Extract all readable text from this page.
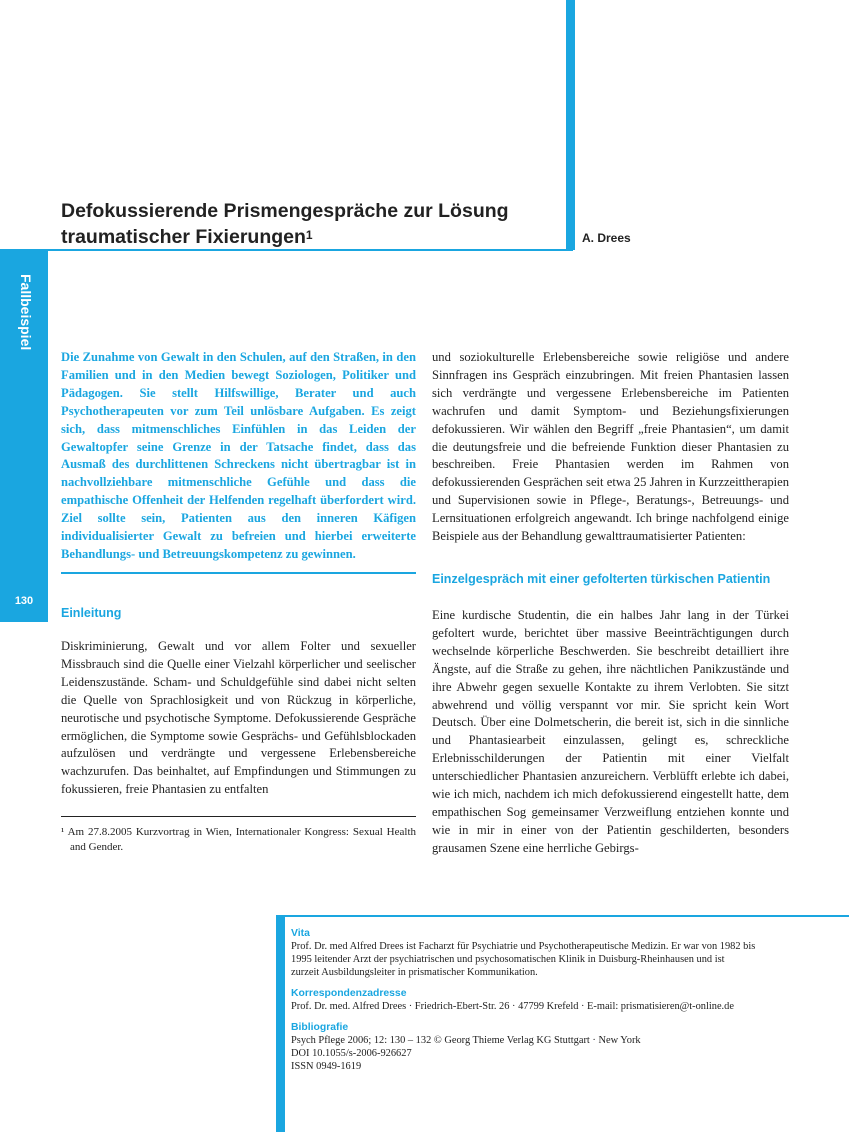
Defokussierende Prismengespräche zur Lösung
traumatischer Fixierungen$^1$	A. Drees
Fallbeispiel
130

Die Zunahme von Gewalt in den Schulen, auf den Straßen, in den Familien und in den Medien bewegt Soziologen, Politiker und Pädagogen. Sie stellt Hilfswillige, Berater und auch Psychotherapeuten vor zum Teil unlösbare Aufgaben. Es zeigt sich, dass mitmenschliches Einfühlen in das Leiden der Gewaltopfer seine Grenze in der Tatsache findet, dass das Ausmaß des durchlittenen Schreckens nicht übertragbar ist in nachvollziehbare mitmenschliche Gefühle und dass die empathische Offenheit der Helfenden regelhaft überfordert wird. Ziel sollte sein, Patienten aus den inneren Käfigen individualisierter Gewalt zu befreien und hierbei erweiterte Behandlungs- und Betreuungskompetenz zu gewinnen.

Einleitung

Diskriminierung, Gewalt und vor allem Folter und sexueller Missbrauch sind die Quelle einer Vielzahl körperlicher und seelischer Leidenszustände. Scham- und Schuldgefühle sind dabei nicht selten die Quelle von Sprachlosigkeit und von Rückzug in körperliche, neurotische und psychotische Symptome. Defokussierende Gespräche ermöglichen, die Symptome sowie Gesprächs- und Gefühlsblockaden aufzulösen und verdrängte und vergessene Erlebensbereiche wachzurufen. Das beinhaltet, auf Empfindungen und Stimmungen zu fokussieren, freie Phantasien zu entfalten

¹ Am 27.8.2005 Kurzvortrag in Wien, Internationaler Kongress: Sexual Health and Gender.

und soziokulturelle Erlebensbereiche sowie religiöse und andere Sinnfragen ins Gespräch einzubringen. Mit freien Phantasien lassen sich verdrängte und vergessene Erlebensbereiche im Patienten wachrufen und damit Symptom- und Beziehungsfixierungen defokussieren. Wir wählen den Begriff „freie Phantasien“, um damit die deutungsfreie und die befreiende Funktion dieser Phantasien zu beschreiben. Freie Phantasien werden im Rahmen von defokussierenden Gesprächen seit etwa 25 Jahren in Kurzzeittherapien und Supervisionen sowie in Pflege-, Beratungs-, Betreuungs- und Lernsituationen erfolgreich angewandt. Ich bringe nachfolgend einige Beispiele aus der Behandlung gewalttraumatisierter Patienten:

Einzelgespräch mit einer gefolterten türkischen Patientin

Eine kurdische Studentin, die ein halbes Jahr lang in der Türkei gefoltert wurde, berichtet über massive Beeinträchtigungen durch wechselnde körperliche Beschwerden. Sie beschreibt detailliert ihre Ängste, auf die Straße zu gehen, ihre nächtlichen Panikzustände und ihre Abwehr gegen sexuelle Kontakte zu ihrem Verlobten. Sie sitzt abwehrend und völlig verspannt vor mir. Sie spricht kein Wort Deutsch. Über eine Dolmetscherin, die bereit ist, sich in die sinnliche und Phantasiearbeit einzulassen, gelingt es, schreckliche Erlebnisschilderungen der Patientin mit einer Vielfalt unterschiedlicher Phantasien anzureichern. Verblüfft erlebte ich dabei, wie ich mich, nachdem ich mich defokussierend eingestellt hatte, dem empathischen Sog gemeinsamer Verzweiflung entziehen konnte und wie in mir in einer von der Patientin geschilderten, besonders grausamen Szene eine herrliche Gebirgs-

Vita
Prof. Dr. med Alfred Drees ist Facharzt für Psychiatrie und Psychotherapeutische Medizin. Er war von 1982 bis
1995 leitender Arzt der psychiatrischen und psychosomatischen Klinik in Duisburg-Rheinhausen und ist
zurzeit Ausbildungsleiter in prismatischer Kommunikation.
Korrespondenzadresse
Prof. Dr. med. Alfred Drees · Friedrich-Ebert-Str. 26 · 47799 Krefeld · E-mail: prismatisieren@t-online.de
Bibliografie
Psych Pflege 2006; 12: 130 – 132 © Georg Thieme Verlag KG Stuttgart · New York
DOI 10.1055/s-2006-926627
ISSN 0949-1619
